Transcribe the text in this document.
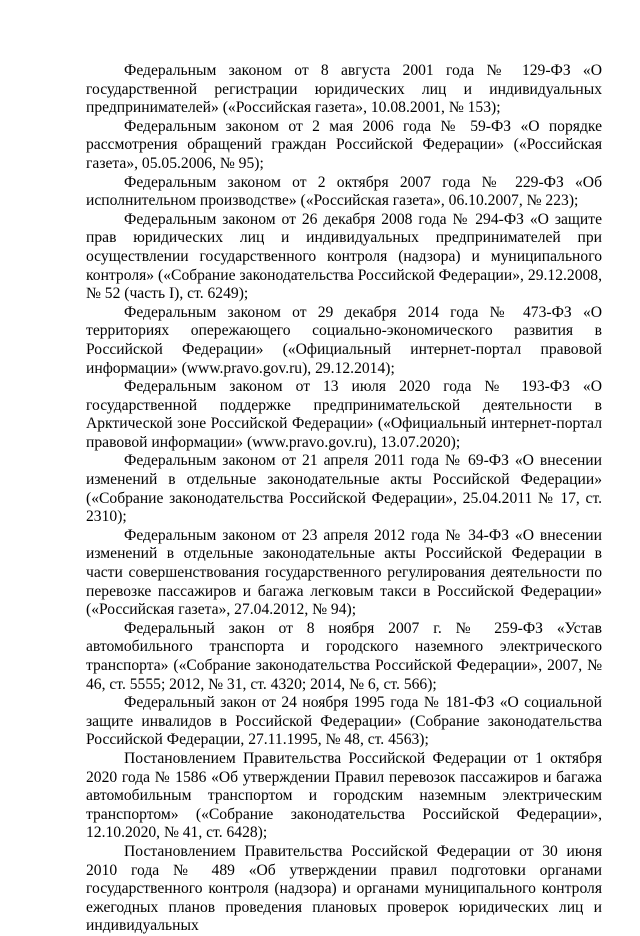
Федеральным законом от 8 августа 2001 года № 129-ФЗ «О государственной регистрации юридических лиц и индивидуальных предпринимателей» («Российская газета», 10.08.2001, № 153);

Федеральным законом от 2 мая 2006 года № 59-ФЗ «О порядке рассмотрения обращений граждан Российской Федерации» («Российская газета», 05.05.2006, № 95);

Федеральным законом от 2 октября 2007 года № 229-ФЗ «Об исполнительном производстве» («Российская газета», 06.10.2007, № 223);

Федеральным законом от 26 декабря 2008 года № 294-ФЗ «О защите прав юридических лиц и индивидуальных предпринимателей при осуществлении государственного контроля (надзора) и муниципального контроля» («Собрание законодательства Российской Федерации», 29.12.2008, № 52 (часть I), ст. 6249);

Федеральным законом от 29 декабря 2014 года № 473-ФЗ «О территориях опережающего социально-экономического развития в Российской Федерации» («Официальный интернет-портал правовой информации» (www.pravo.gov.ru), 29.12.2014);

Федеральным законом от 13 июля 2020 года № 193-ФЗ «О государственной поддержке предпринимательской деятельности в Арктической зоне Российской Федерации» («Официальный интернет-портал правовой информации» (www.pravo.gov.ru), 13.07.2020);

Федеральным законом от 21 апреля 2011 года № 69-ФЗ «О внесении изменений в отдельные законодательные акты Российской Федерации» («Собрание законодательства Российской Федерации», 25.04.2011 № 17, ст. 2310);

Федеральным законом от 23 апреля 2012 года № 34-ФЗ «О внесении изменений в отдельные законодательные акты Российской Федерации в части совершенствования государственного регулирования деятельности по перевозке пассажиров и багажа легковым такси в Российской Федерации» («Российская газета», 27.04.2012, № 94);

Федеральный закон от 8 ноября 2007 г. № 259-ФЗ «Устав автомобильного транспорта и городского наземного электрического транспорта» («Собрание законодательства Российской Федерации», 2007, № 46, ст. 5555; 2012, № 31, ст. 4320; 2014, № 6, ст. 566);

Федеральный закон от 24 ноября 1995 года № 181-ФЗ «О социальной защите инвалидов в Российской Федерации» (Собрание законодательства Российской Федерации, 27.11.1995, № 48, ст. 4563);

Постановлением Правительства Российской Федерации от 1 октября 2020 года № 1586 «Об утверждении Правил перевозок пассажиров и багажа автомобильным транспортом и городским наземным электрическим транспортом» («Собрание законодательства Российской Федерации», 12.10.2020, № 41, ст. 6428);

Постановлением Правительства Российской Федерации от 30 июня 2010 года № 489 «Об утверждении правил подготовки органами государственного контроля (надзора) и органами муниципального контроля ежегодных планов проведения плановых проверок юридических лиц и индивидуальных
